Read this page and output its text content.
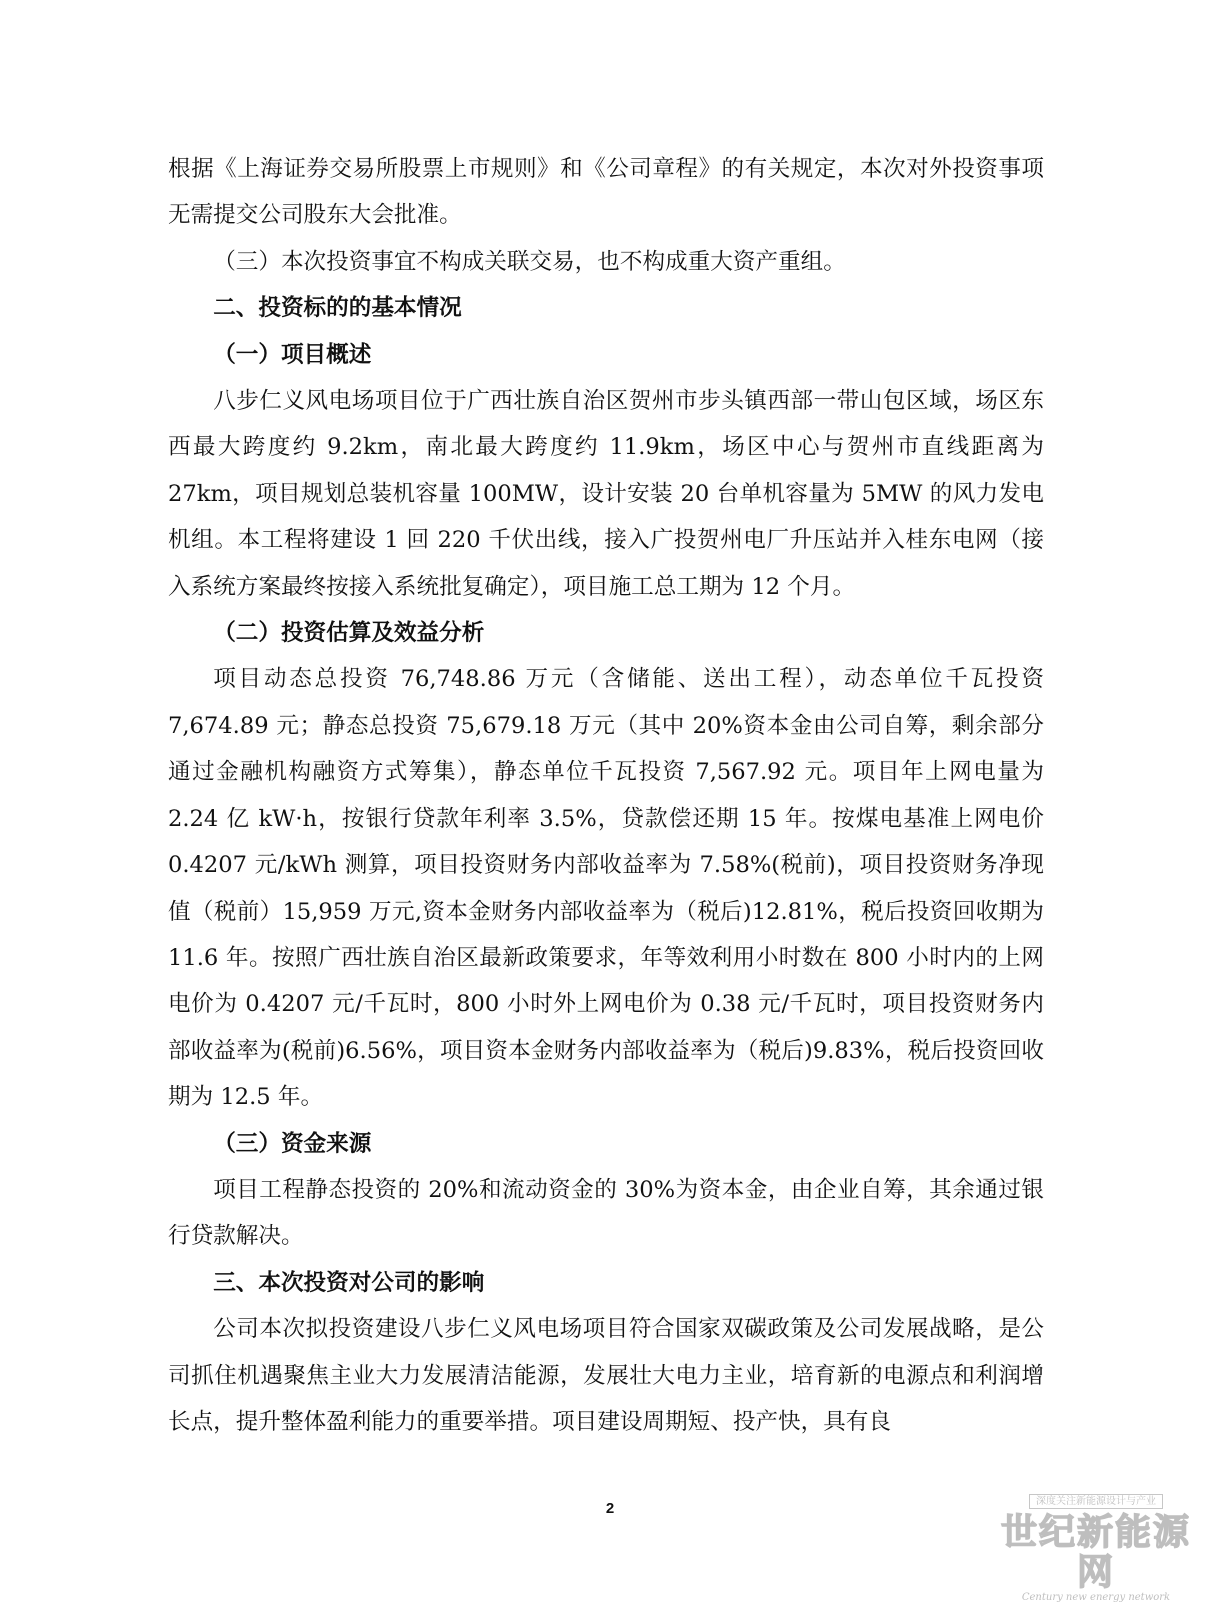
根据《上海证券交易所股票上市规则》和《公司章程》的有关规定，本次对外投资事项无需提交公司股东大会批准。

（三）本次投资事宜不构成关联交易，也不构成重大资产重组。

二、投资标的的基本情况

（一）项目概述

八步仁义风电场项目位于广西壮族自治区贺州市步头镇西部一带山包区域，场区东西最大跨度约 9.2km，南北最大跨度约 11.9km，场区中心与贺州市直线距离为27km，项目规划总装机容量 100MW，设计安装 20 台单机容量为 5MW 的风力发电机组。本工程将建设 1 回 220 千伏出线，接入广投贺州电厂升压站并入桂东电网（接入系统方案最终按接入系统批复确定），项目施工总工期为 12 个月。

（二）投资估算及效益分析

项目动态总投资 76,748.86 万元（含储能、送出工程），动态单位千瓦投资7,674.89 元；静态总投资 75,679.18 万元（其中 20%资本金由公司自筹，剩余部分通过金融机构融资方式筹集），静态单位千瓦投资 7,567.92 元。项目年上网电量为2.24 亿 kW·h，按银行贷款年利率 3.5%，贷款偿还期 15 年。按煤电基准上网电价0.4207 元/kWh 测算，项目投资财务内部收益率为 7.58%(税前)，项目投资财务净现值（税前）15,959 万元,资本金财务内部收益率为（税后)12.81%，税后投资回收期为 11.6 年。按照广西壮族自治区最新政策要求，年等效利用小时数在 800 小时内的上网电价为 0.4207 元/千瓦时，800 小时外上网电价为 0.38 元/千瓦时，项目投资财务内部收益率为(税前)6.56%，项目资本金财务内部收益率为（税后)9.83%，税后投资回收期为 12.5 年。

（三）资金来源

项目工程静态投资的 20%和流动资金的 30%为资本金，由企业自筹，其余通过银行贷款解决。

三、本次投资对公司的影响

公司本次拟投资建设八步仁义风电场项目符合国家双碳政策及公司发展战略，是公司抓住机遇聚焦主业大力发展清洁能源，发展壮大电力主业，培育新的电源点和利润增长点，提升整体盈利能力的重要举措。项目建设周期短、投产快，具有良

2	深度关注新能源设计与产业
世纪新能源网
Century new energy network
